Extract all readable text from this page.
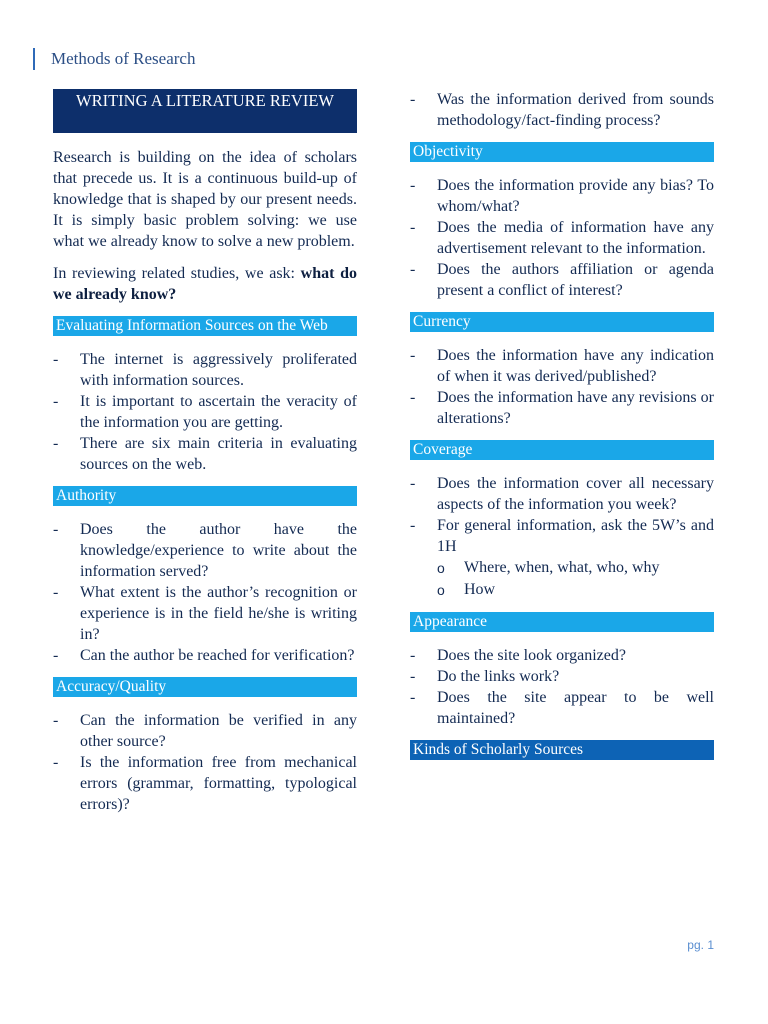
Methods of Research
WRITING A LITERATURE REVIEW

Research is building on the idea of scholars that precede us. It is a continuous build-up of knowledge that is shaped by our present needs. It is simply basic problem solving: we use what we already know to solve a new problem.

In reviewing related studies, we ask: what do we already know?

Evaluating Information Sources on the Web
- The internet is aggressively proliferated with information sources.
- It is important to ascertain the veracity of the information you are getting.
- There are six main criteria in evaluating sources on the web.
Authority
- Does the author have the knowledge/experience to write about the information served?
- What extent is the author’s recognition or experience is in the field he/she is writing in?
- Can the author be reached for verification?
Accuracy/Quality
- Can the information be verified in any other source?
- Is the information free from mechanical errors (grammar, formatting, typological errors)?
- Was the information derived from sounds methodology/fact-finding process?
Objectivity
- Does the information provide any bias? To whom/what?
- Does the media of information have any advertisement relevant to the information.
- Does the authors affiliation or agenda present a conflict of interest?
Currency
- Does the information have any indication of when it was derived/published?
- Does the information have any revisions or alterations?
Coverage
- Does the information cover all necessary aspects of the information you week?
- For general information, ask the 5W’s and 1H
o Where, when, what, who, why
o How
Appearance
- Does the site look organized?
- Do the links work?
- Does the site appear to be well maintained?
Kinds of Scholarly Sources
pg. 1
